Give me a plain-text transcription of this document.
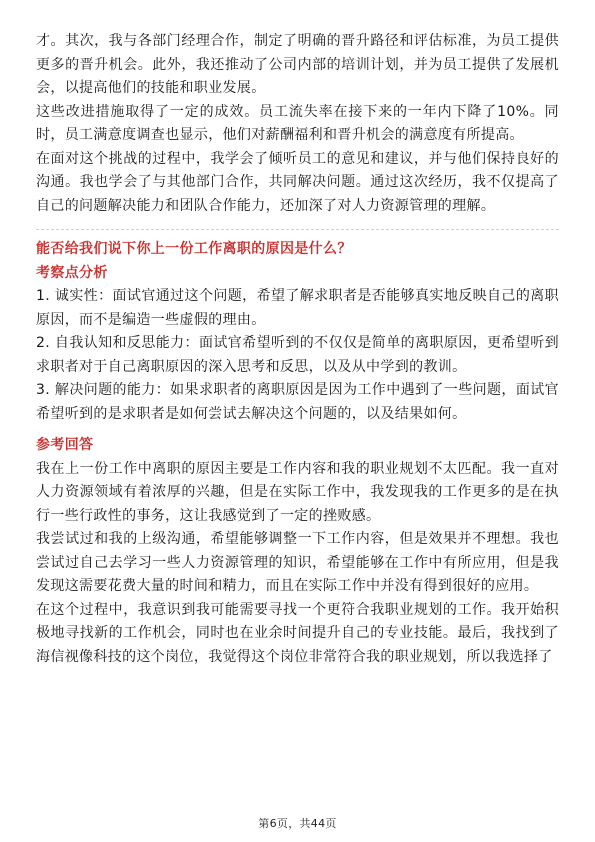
才。其次，我与各部门经理合作，制定了明确的晋升路径和评估标准，为员工提供更多的晋升机会。此外，我还推动了公司内部的培训计划，并为员工提供了发展机会，以提高他们的技能和职业发展。

这些改进措施取得了一定的成效。员工流失率在接下来的一年内下降了10%。同时，员工满意度调查也显示，他们对薪酬福利和晋升机会的满意度有所提高。

在面对这个挑战的过程中，我学会了倾听员工的意见和建议，并与他们保持良好的沟通。我也学会了与其他部门合作，共同解决问题。通过这次经历，我不仅提高了自己的问题解决能力和团队合作能力，还加深了对人力资源管理的理解。

能否给我们说下你上一份工作离职的原因是什么？

考察点分析

1. 诚实性：面试官通过这个问题，希望了解求职者是否能够真实地反映自己的离职原因，而不是编造一些虚假的理由。

2. 自我认知和反思能力：面试官希望听到的不仅仅是简单的离职原因，更希望听到求职者对于自己离职原因的深入思考和反思，以及从中学到的教训。

3. 解决问题的能力：如果求职者的离职原因是因为工作中遇到了一些问题，面试官希望听到的是求职者是如何尝试去解决这个问题的，以及结果如何。

参考回答

我在上一份工作中离职的原因主要是工作内容和我的职业规划不太匹配。我一直对人力资源领域有着浓厚的兴趣，但是在实际工作中，我发现我的工作更多的是在执行一些行政性的事务，这让我感觉到了一定的挫败感。

我尝试过和我的上级沟通，希望能够调整一下工作内容，但是效果并不理想。我也尝试过自己去学习一些人力资源管理的知识，希望能够在工作中有所应用，但是我发现这需要花费大量的时间和精力，而且在实际工作中并没有得到很好的应用。

在这个过程中，我意识到我可能需要寻找一个更符合我职业规划的工作。我开始积极地寻找新的工作机会，同时也在业余时间提升自己的专业技能。最后，我找到了海信视像科技的这个岗位，我觉得这个岗位非常符合我的职业规划，所以我选择了

第6页，共44页
